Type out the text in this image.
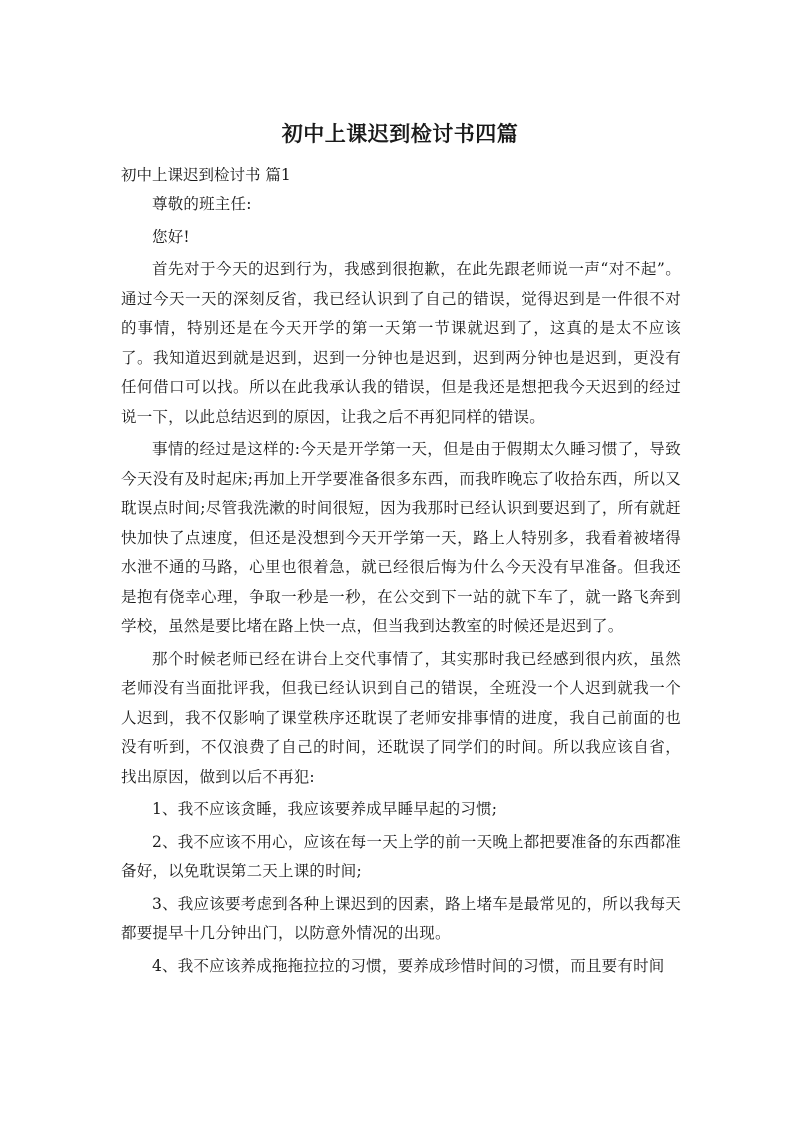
初中上课迟到检讨书四篇
初中上课迟到检讨书 篇1

尊敬的班主任:

您好!

首先对于今天的迟到行为，我感到很抱歉，在此先跟老师说一声“对不起”。通过今天一天的深刻反省，我已经认识到了自己的错误，觉得迟到是一件很不对的事情，特别还是在今天开学的第一天第一节课就迟到了，这真的是太不应该了。我知道迟到就是迟到，迟到一分钟也是迟到，迟到两分钟也是迟到，更没有任何借口可以找。所以在此我承认我的错误，但是我还是想把我今天迟到的经过说一下，以此总结迟到的原因，让我之后不再犯同样的错误。

事情的经过是这样的:今天是开学第一天，但是由于假期太久睡习惯了，导致今天没有及时起床;再加上开学要准备很多东西，而我昨晚忘了收拾东西，所以又耽误点时间;尽管我洗漱的时间很短，因为我那时已经认识到要迟到了，所有就赶快加快了点速度，但还是没想到今天开学第一天，路上人特别多，我看着被堵得水泄不通的马路，心里也很着急，就已经很后悔为什么今天没有早准备。但我还是抱有侥幸心理，争取一秒是一秒，在公交到下一站的就下车了，就一路飞奔到学校，虽然是要比堵在路上快一点，但当我到达教室的时候还是迟到了。

那个时候老师已经在讲台上交代事情了，其实那时我已经感到很内疚，虽然老师没有当面批评我，但我已经认识到自己的错误，全班没一个人迟到就我一个人迟到，我不仅影响了课堂秩序还耽误了老师安排事情的进度，我自己前面的也没有听到，不仅浪费了自己的时间，还耽误了同学们的时间。所以我应该自省，找出原因，做到以后不再犯:

1、我不应该贪睡，我应该要养成早睡早起的习惯;

2、我不应该不用心，应该在每一天上学的前一天晚上都把要准备的东西都准备好，以免耽误第二天上课的时间;

3、我应该要考虑到各种上课迟到的因素，路上堵车是最常见的，所以我每天都要提早十几分钟出门，以防意外情况的出现。

4、我不应该养成拖拖拉拉的习惯，要养成珍惜时间的习惯，而且要有时间
